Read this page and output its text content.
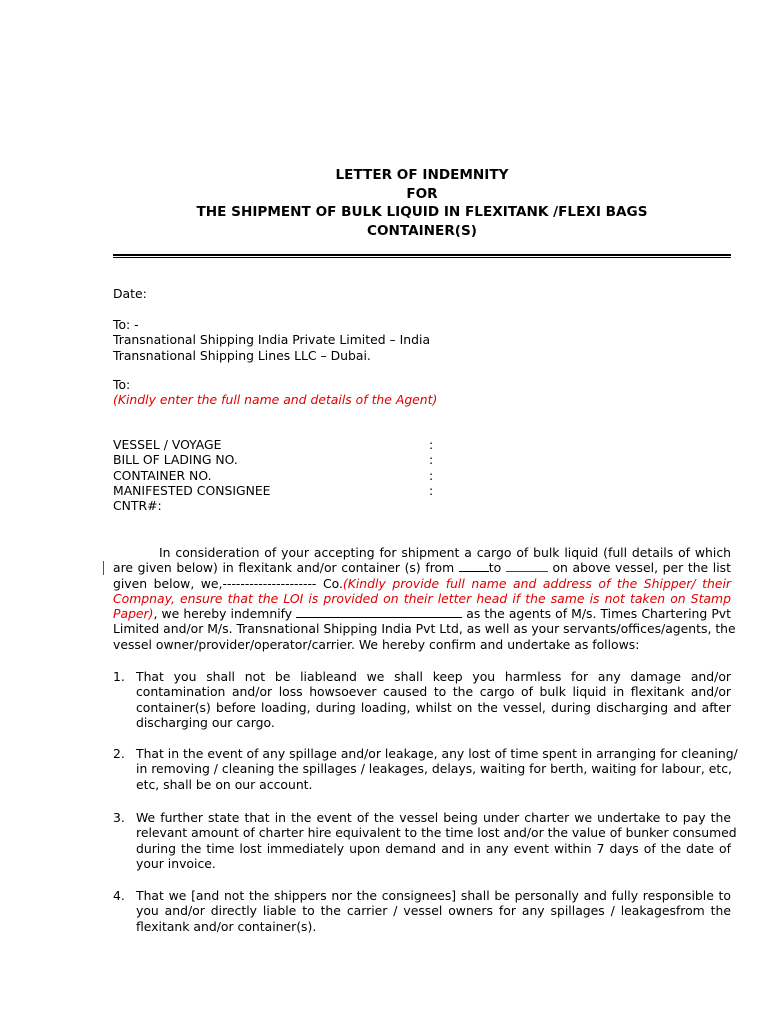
LETTER OF INDEMNITY
FOR
THE SHIPMENT OF BULK LIQUID IN FLEXITANK /FLEXI BAGS
CONTAINER(S)
Date:
To: -
Transnational Shipping India Private Limited – India
Transnational Shipping Lines LLC – Dubai.
To:
(Kindly enter the full name and details of the Agent)
VESSEL / VOYAGE	:
BILL OF LADING NO.	:
CONTAINER NO.	:
MANIFESTED CONSIGNEE	:
CNTR#:
In consideration of your accepting for shipment a cargo of bulk liquid (full details of which
are given below) in flexitank and/or container (s) from to	on above vessel, per the list
given below, we,--------------------- Co.(Kindly provide full name and address of the Shipper/ their
Compnay, ensure that the LOI is provided on their letter head if the same is not taken on Stamp
Paper), we hereby indemnify	as the agents of M/s. Times Chartering Pvt
Limited and/or M/s. Transnational Shipping India Pvt Ltd, as well as your servants/offices/agents, the
vessel owner/provider/operator/carrier. We hereby confirm and undertake as follows:
1. That you shall not be liableand we shall keep you harmless for any damage and/or
contamination and/or loss howsoever caused to the cargo of bulk liquid in flexitank and/or
container(s) before loading, during loading, whilst on the vessel, during discharging and after
discharging our cargo.
2. That in the event of any spillage and/or leakage, any lost of time spent in arranging for cleaning/
in removing / cleaning the spillages / leakages, delays, waiting for berth, waiting for labour, etc,
etc, shall be on our account.
3. We further state that in the event of the vessel being under charter we undertake to pay the
relevant amount of charter hire equivalent to the time lost and/or the value of bunker consumed
during the time lost immediately upon demand and in any event within 7 days of the date of
your invoice.
4. That we [and not the shippers nor the consignees] shall be personally and fully responsible to
you and/or directly liable to the carrier / vessel owners for any spillages / leakagesfrom the
flexitank and/or container(s).
